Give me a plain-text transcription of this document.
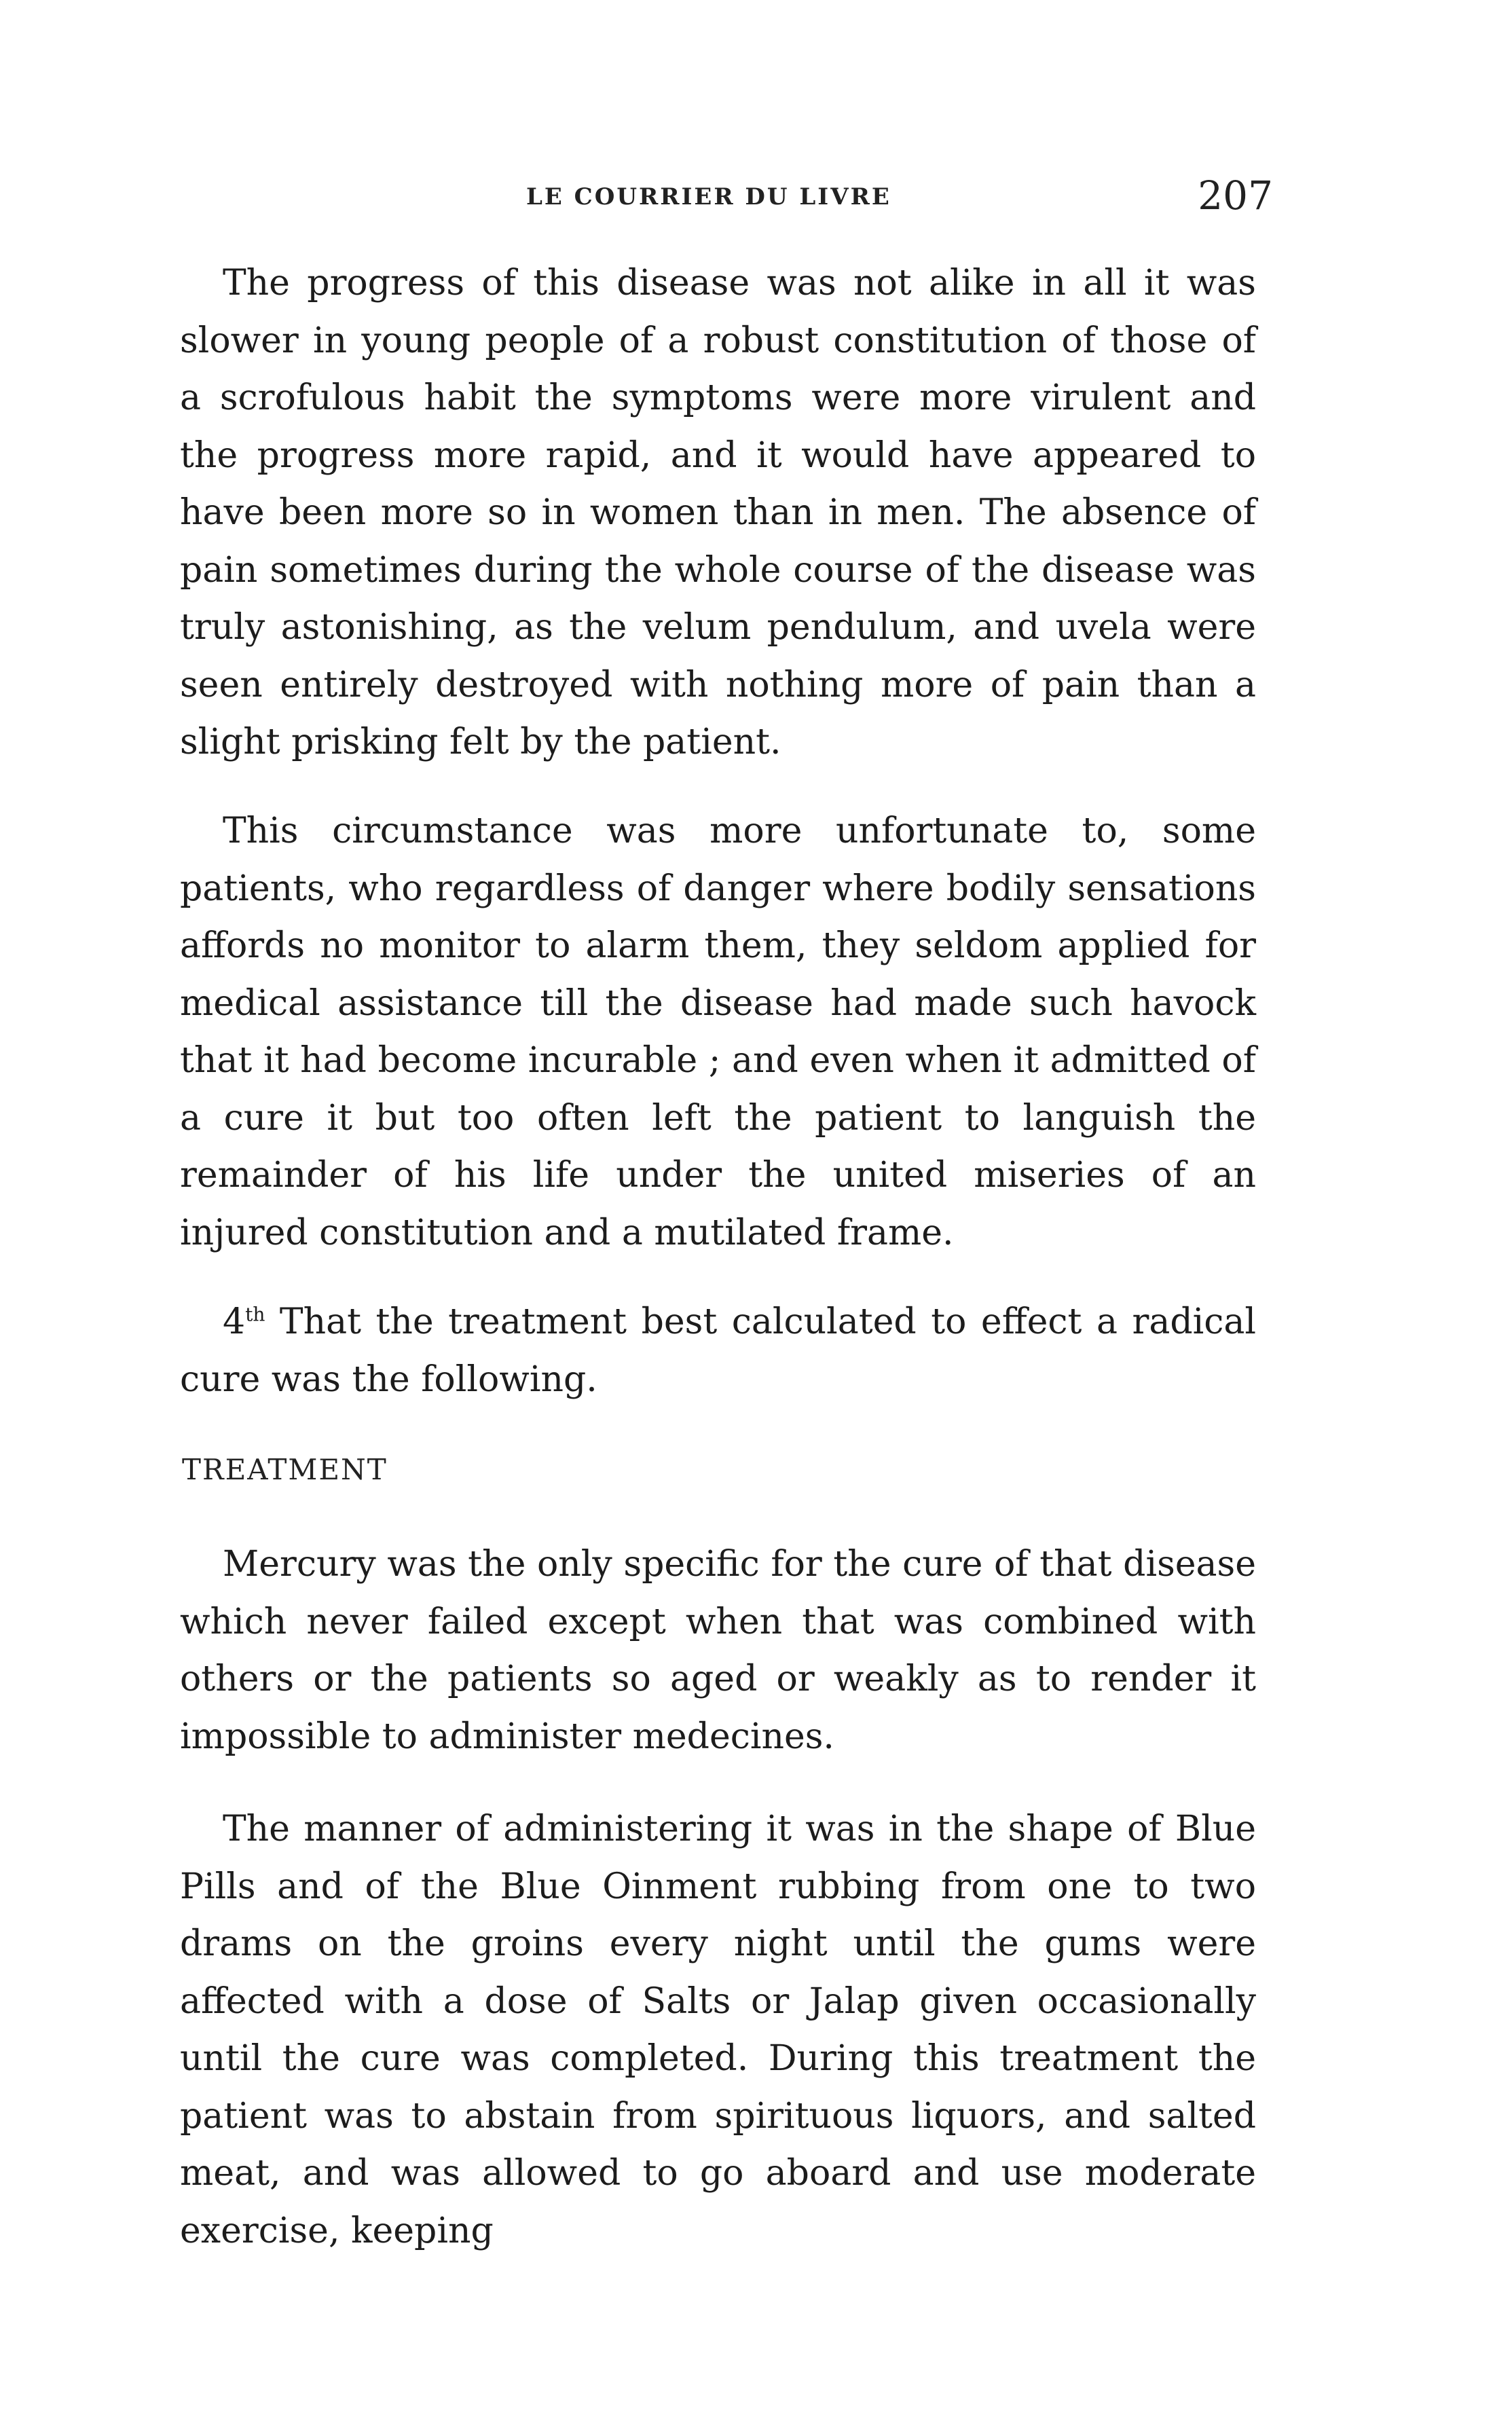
LE COURRIER DU LIVRE	207

The progress of this disease was not alike in all it was slower in young people of a robust constitution of those of a scrofulous habit the symptoms were more virulent and the progress more rapid, and it would have appeared to have been more so in women than in men. The absence of pain sometimes during the whole course of the disease was truly astonishing, as the velum pendulum, and uvela were seen entirely destroyed with nothing more of pain than a slight prisking felt by the patient.

This circumstance was more unfortunate to, some patients, who regardless of danger where bodily sensations affords no monitor to alarm them, they seldom applied for medical assistance till the disease had made such havock that it had become incurable ; and even when it admitted of a cure it but too often left the patient to languish the remainder of his life under the united miseries of an injured constitution and a mutilated frame.

4th That the treatment best calculated to effect a radical cure was the following.

TREATMENT

Mercury was the only specific for the cure of that disease which never failed except when that was combined with others or the patients so aged or weakly as to render it impossible to administer medecines.

The manner of administering it was in the shape of Blue Pills and of the Blue Oinment rubbing from one to two drams on the groins every night until the gums were affected with a dose of Salts or Jalap given occasionally until the cure was completed. During this treatment the patient was to abstain from spirituous liquors, and salted meat, and was allowed to go aboard and use moderate exercise, keeping
